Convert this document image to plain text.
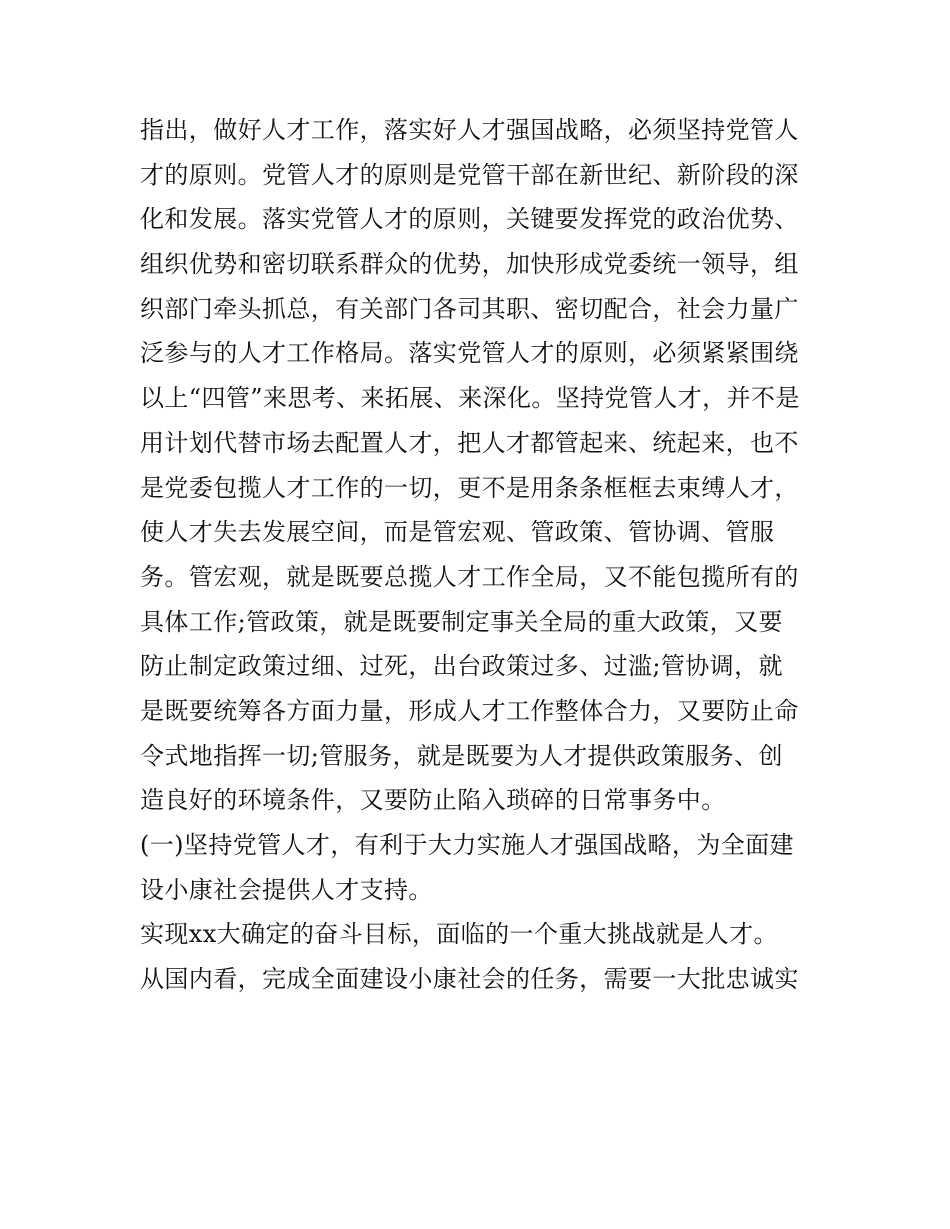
指出，做好人才工作，落实好人才强国战略，必须坚持党管人
才的原则。党管人才的原则是党管干部在新世纪、新阶段的深
化和发展。落实党管人才的原则，关键要发挥党的政治优势、
组织优势和密切联系群众的优势，加快形成党委统一领导，组
织部门牵头抓总，有关部门各司其职、密切配合，社会力量广
泛参与的人才工作格局。落实党管人才的原则，必须紧紧围绕
以上“四管”来思考、来拓展、来深化。坚持党管人才，并不是
用计划代替市场去配置人才，把人才都管起来、统起来，也不
是党委包揽人才工作的一切，更不是用条条框框去束缚人才，
使人才失去发展空间，而是管宏观、管政策、管协调、管服
务。管宏观，就是既要总揽人才工作全局，又不能包揽所有的
具体工作;管政策，就是既要制定事关全局的重大政策，又要
防止制定政策过细、过死，出台政策过多、过滥;管协调，就
是既要统筹各方面力量，形成人才工作整体合力，又要防止命
令式地指挥一切;管服务，就是既要为人才提供政策服务、创
造良好的环境条件，又要防止陷入琐碎的日常事务中。
(一)坚持党管人才，有利于大力实施人才强国战略，为全面建
设小康社会提供人才支持。
实现xx大确定的奋斗目标，面临的一个重大挑战就是人才。
从国内看，完成全面建设小康社会的任务，需要一大批忠诚实
